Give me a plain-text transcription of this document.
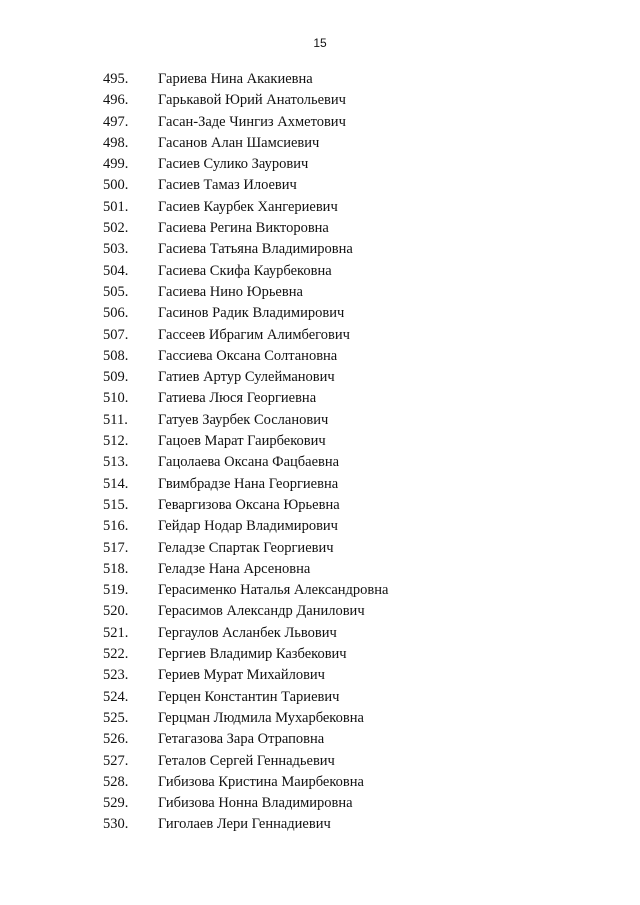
15
495. Гариева Нина Акакиевна
496. Гарькавой Юрий Анатольевич
497. Гасан-Заде Чингиз Ахметович
498. Гасанов Алан Шамсиевич
499. Гасиев Сулико Заурович
500. Гасиев Тамаз Илоевич
501. Гасиев Каурбек Хангериевич
502. Гасиева Регина Викторовна
503. Гасиева Татьяна Владимировна
504. Гасиева Скифа Каурбековна
505. Гасиева Нино Юрьевна
506. Гасинов Радик Владимирович
507. Гассеев Ибрагим Алимбегович
508. Гассиева Оксана Солтановна
509. Гатиев Артур Сулейманович
510. Гатиева Люся Георгиевна
511. Гатуев Заурбек Сосланович
512. Гацоев Марат Гаирбекович
513. Гацолаева Оксана Фацбаевна
514. Гвимбрадзе Нана Георгиевна
515. Геваргизова Оксана Юрьевна
516. Гейдар Нодар Владимирович
517. Геладзе Спартак Георгиевич
518. Геладзе Нана Арсеновна
519. Герасименко Наталья Александровна
520. Герасимов Александр Данилович
521. Гергаулов Асланбек Львович
522. Гергиев Владимир Казбекович
523. Гериев Мурат Михайлович
524. Герцен Константин Тариевич
525. Герцман Людмила Мухарбековна
526. Гетагазова Зара Отраповна
527. Геталов Сергей Геннадьевич
528. Гибизова Кристина Маирбековна
529. Гибизова Нонна Владимировна
530. Гиголаев Лери Геннадиевич
